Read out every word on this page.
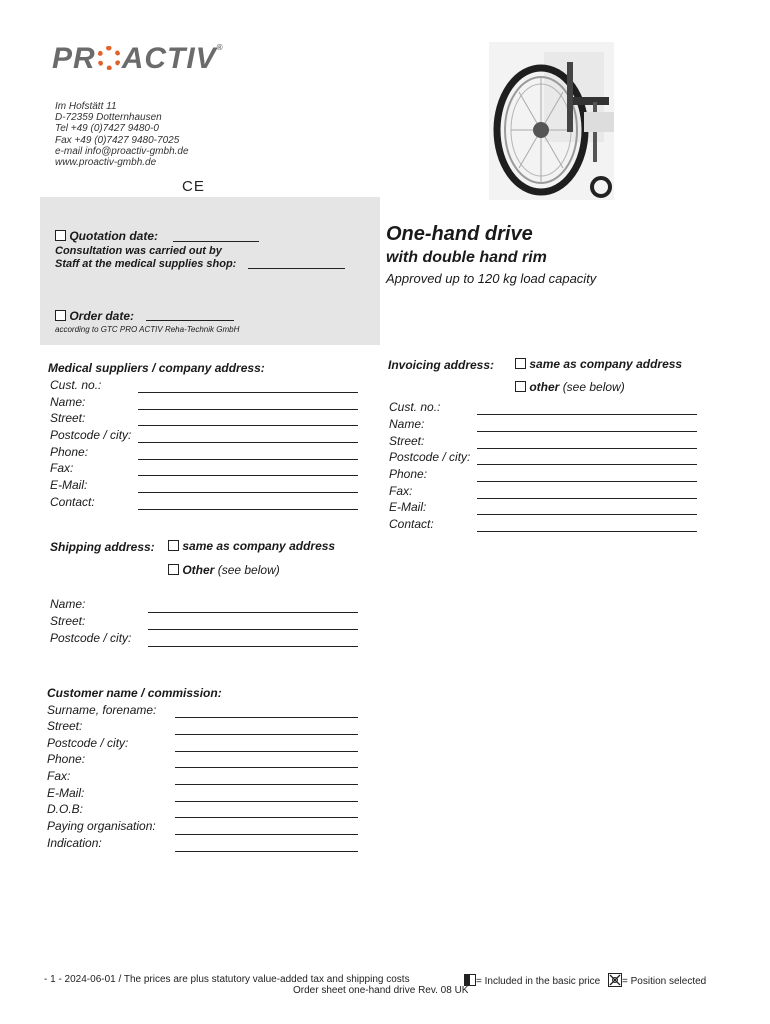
PR ACTIV®
Im Hofstätt 11
D-72359 Dotternhausen
Tel +49 (0)7427 9480-0
Fax +49 (0)7427 9480-7025
e-mail info@proactiv-gmbh.de
www.proactiv-gmbh.de
CE
Quotation date:
Consultation was carried out by
Staff at the medical supplies shop:
Order date:
according to GTC PRO ACTIV Reha-Technik GmbH
One-hand drive
with double hand rim
Approved up to 120 kg load capacity
Medical suppliers / company address:
Cust. no.:
Name:
Street:
Postcode / city:
Phone:
Fax:
E-Mail:
Contact:
Invoicing address:	same as company address
other (see below)
Cust. no.:
Name:
Street:
Postcode / city:
Phone:
Fax:
E-Mail:
Contact:
Shipping address:	same as company address
Other (see below)
Name:
Street:
Postcode / city:
Customer name / commission:
Surname, forename:
Street:
Postcode / city:
Phone:
Fax:
E-Mail:
D.O.B:
Paying organisation:
Indication:
- 1 - 2024-06-01 / The prices are plus statutory value-added tax and shipping costs	= Included in the basic price	= Position selected
Order sheet one-hand drive Rev. 08 UK
